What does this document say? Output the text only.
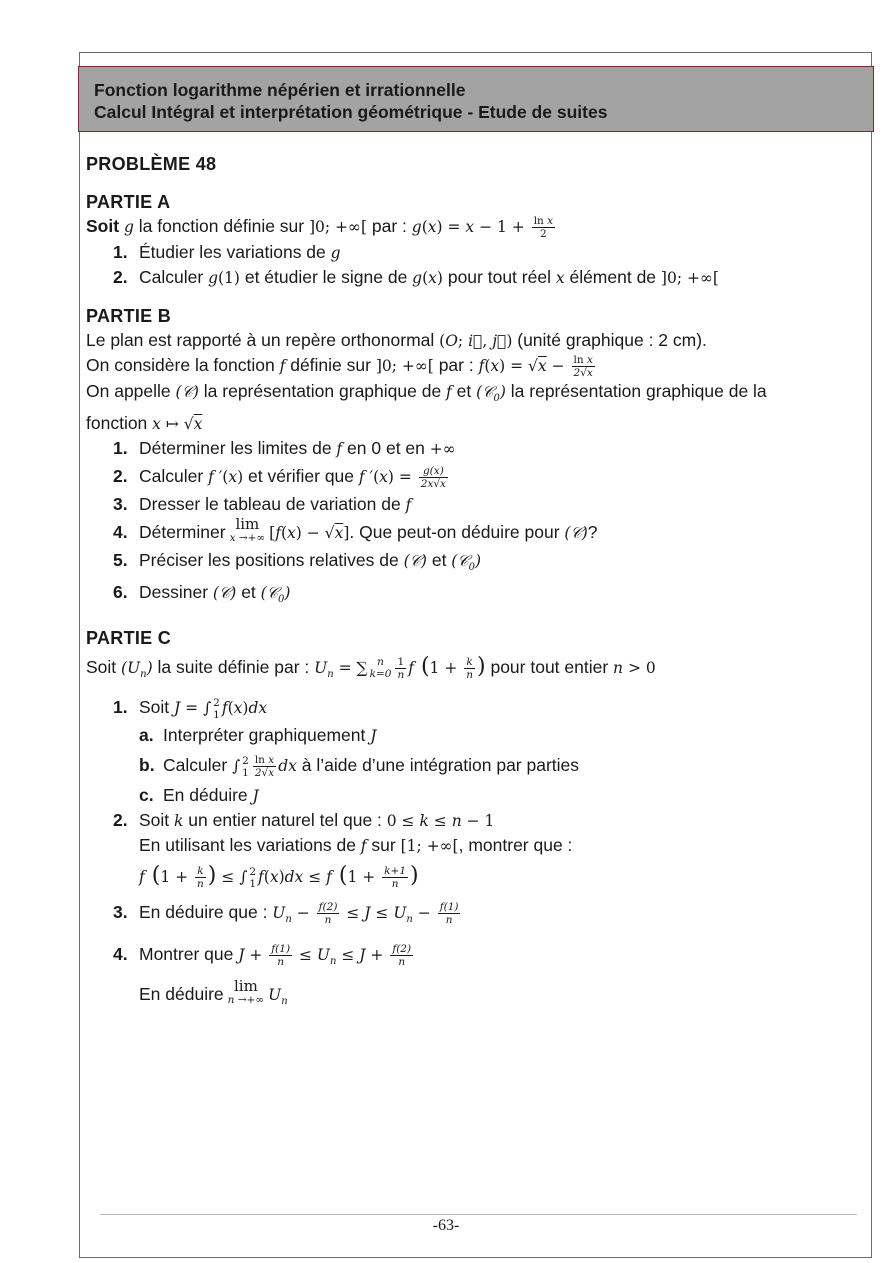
Fonction logarithme népérien et irrationnelle
Calcul Intégral et interprétation géométrique - Etude de suites
PROBLÈME 48
PARTIE A
Soit g la fonction définie sur ]0; +∞[ par : $g(x) = x - 1 + \frac{\text{ln x}}{2}$
1. Étudier les variations de g
2. Calculer g(1) et étudier le signe de g(x) pour tout réel x élément de ]0; +∞[
PARTIE B
Le plan est rapporté à un repère orthonormal (O; i⃗, j⃗) (unité graphique : 2 cm).
On considère la fonction f définie sur ]0; +∞[ par : $f(x) = √x - \frac{\text{ln x}}{2√x}$
On appelle (𝒞) la représentation graphique de f et (𝒞$_0$) la représentation graphique de la
fonction x ↦ √x
1. Déterminer les limites de f en 0 et en +∞
2. Calculer f ′(x) et vérifier que f $'(x) = \frac{g(x)}{2x√x}$
3. Dresser le tableau de variation de f
4. Déterminer lim
x →+∞ [f(x) − √x]. Que peut-on déduire pour (𝒞)?
5. Préciser les positions relatives de (𝒞) et (𝒞$_0$)
6. Dessiner (𝒞) et (𝒞$_0$)
PARTIE C
Soit $(U_n)$ la suite définie par : $U_n$ = ∑ n
$k=0 \frac{1}{n}$ f ($1 + \frac{k}{n}$ ) pour tout entier n > 0
1. Soit J = ∫ 2
1 f(x)dx
a. Interpréter graphiquement J
b. Calculer ∫ 2
$1 \frac{\text{ln x}}{2√x}$ dx à l’aide d’une intégration par parties
c. En déduire J
2. Soit k un entier naturel tel que : 0 ≤ k ≤ n − 1
En utilisant les variations de f sur [1; +∞[, montrer que :
f ($1 + \frac{k}{n}$ ) ≤ ∫ 2
1 f(x)dx ≤ f ($1 + \frac{k+1}{n}$ )
3. En déduire que : $U_n - \frac{f(2)}{n} \le J \le U_n - \frac{f(1)}{n}$
4. Montrer que $J + \frac{f(1)}{n} \le U_n \le J + \frac{f(2)}{n}$
En déduire lim
n →+∞ $U_n$
-63-
